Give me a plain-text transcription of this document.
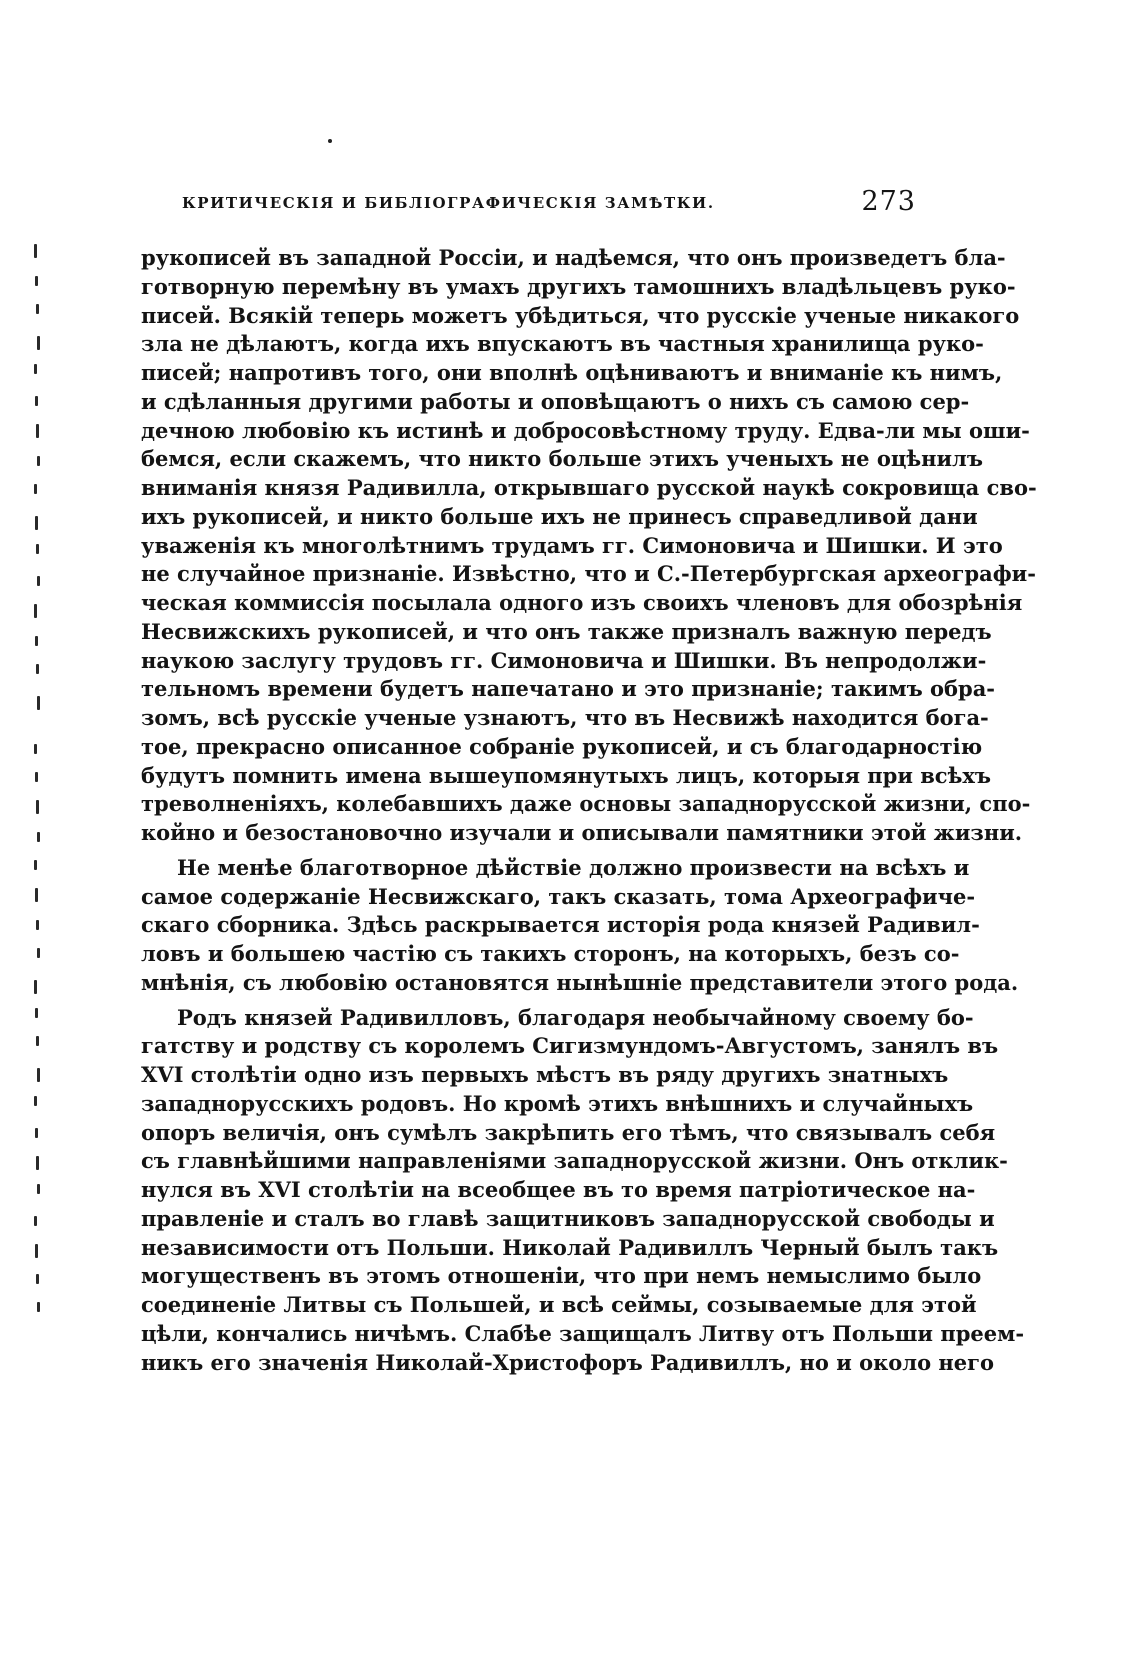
КРИТИЧЕСКІЯ И БИБЛІОГРАФИЧЕСКІЯ ЗАМѢТКИ.	273
рукописей въ западной Россіи, и надѣемся, что онъ произведетъ бла-
готворную перемѣну въ умахъ другихъ тамошнихъ владѣльцевъ руко-
писей. Всякій теперь можетъ убѣдиться, что русскіе ученые никакого
зла не дѣлаютъ, когда ихъ впускаютъ въ частныя хранилища руко-
писей; напротивъ того, они вполнѣ оцѣниваютъ и вниманіе къ нимъ,
и сдѣланныя другими работы и оповѣщаютъ о нихъ съ самою сер-
дечною любовію къ истинѣ и добросовѣстному труду. Едва-ли мы оши-
бемся, если скажемъ, что никто больше этихъ ученыхъ не оцѣнилъ
вниманія князя Радивилла, открывшаго русской наукѣ сокровища сво-
ихъ рукописей, и никто больше ихъ не принесъ справедливой дани
уваженія къ многолѣтнимъ трудамъ гг. Симоновича и Шишки. И это
не случайное признаніе. Извѣстно, что и С.-Петербургская археографи-
ческая коммиссія посылала одного изъ своихъ членовъ для обозрѣнія
Несвижскихъ рукописей, и что онъ также призналъ важную передъ
наукою заслугу трудовъ гг. Симоновича и Шишки. Въ непродолжи-
тельномъ времени будетъ напечатано и это признаніе; такимъ обра-
зомъ, всѣ русскіе ученые узнаютъ, что въ Несвижѣ находится бога-
тое, прекрасно описанное собраніе рукописей, и съ благодарностію
будутъ помнить имена вышеупомянутыхъ лицъ, которыя при всѣхъ
треволненіяхъ, колебавшихъ даже основы западнорусской жизни, спо-
койно и безостановочно изучали и описывали памятники этой жизни.
Не менѣе благотворное дѣйствіе должно произвести на всѣхъ и
самое содержаніе Несвижскаго, такъ сказать, тома Археографиче-
скаго сборника. Здѣсь раскрывается исторія рода князей Радивил-
ловъ и большею частію съ такихъ сторонъ, на которыхъ, безъ со-
мнѣнія, съ любовію остановятся нынѣшніе представители этого рода.
Родъ князей Радивилловъ, благодаря необычайному своему бо-
гатству и родству съ королемъ Сигизмундомъ-Августомъ, занялъ въ
XVI столѣтіи одно изъ первыхъ мѣстъ въ ряду другихъ знатныхъ
западнорусскихъ родовъ. Но кромѣ этихъ внѣшнихъ и случайныхъ
опоръ величія, онъ сумѣлъ закрѣпить его тѣмъ, что связывалъ себя
съ главнѣйшими направленіями западнорусской жизни. Онъ отклик-
нулся въ XVI столѣтіи на всеобщее въ то время патріотическое на-
правленіе и сталъ во главѣ защитниковъ западнорусской свободы и
независимости отъ Польши. Николай Радивиллъ Черный былъ такъ
могущественъ въ этомъ отношеніи, что при немъ немыслимо было
соединеніе Литвы съ Польшей, и всѣ сеймы, созываемые для этой
цѣли, кончались ничѣмъ. Слабѣе защищалъ Литву отъ Польши преем-
никъ его значенія Николай-Христофоръ Радивиллъ, но и около него
